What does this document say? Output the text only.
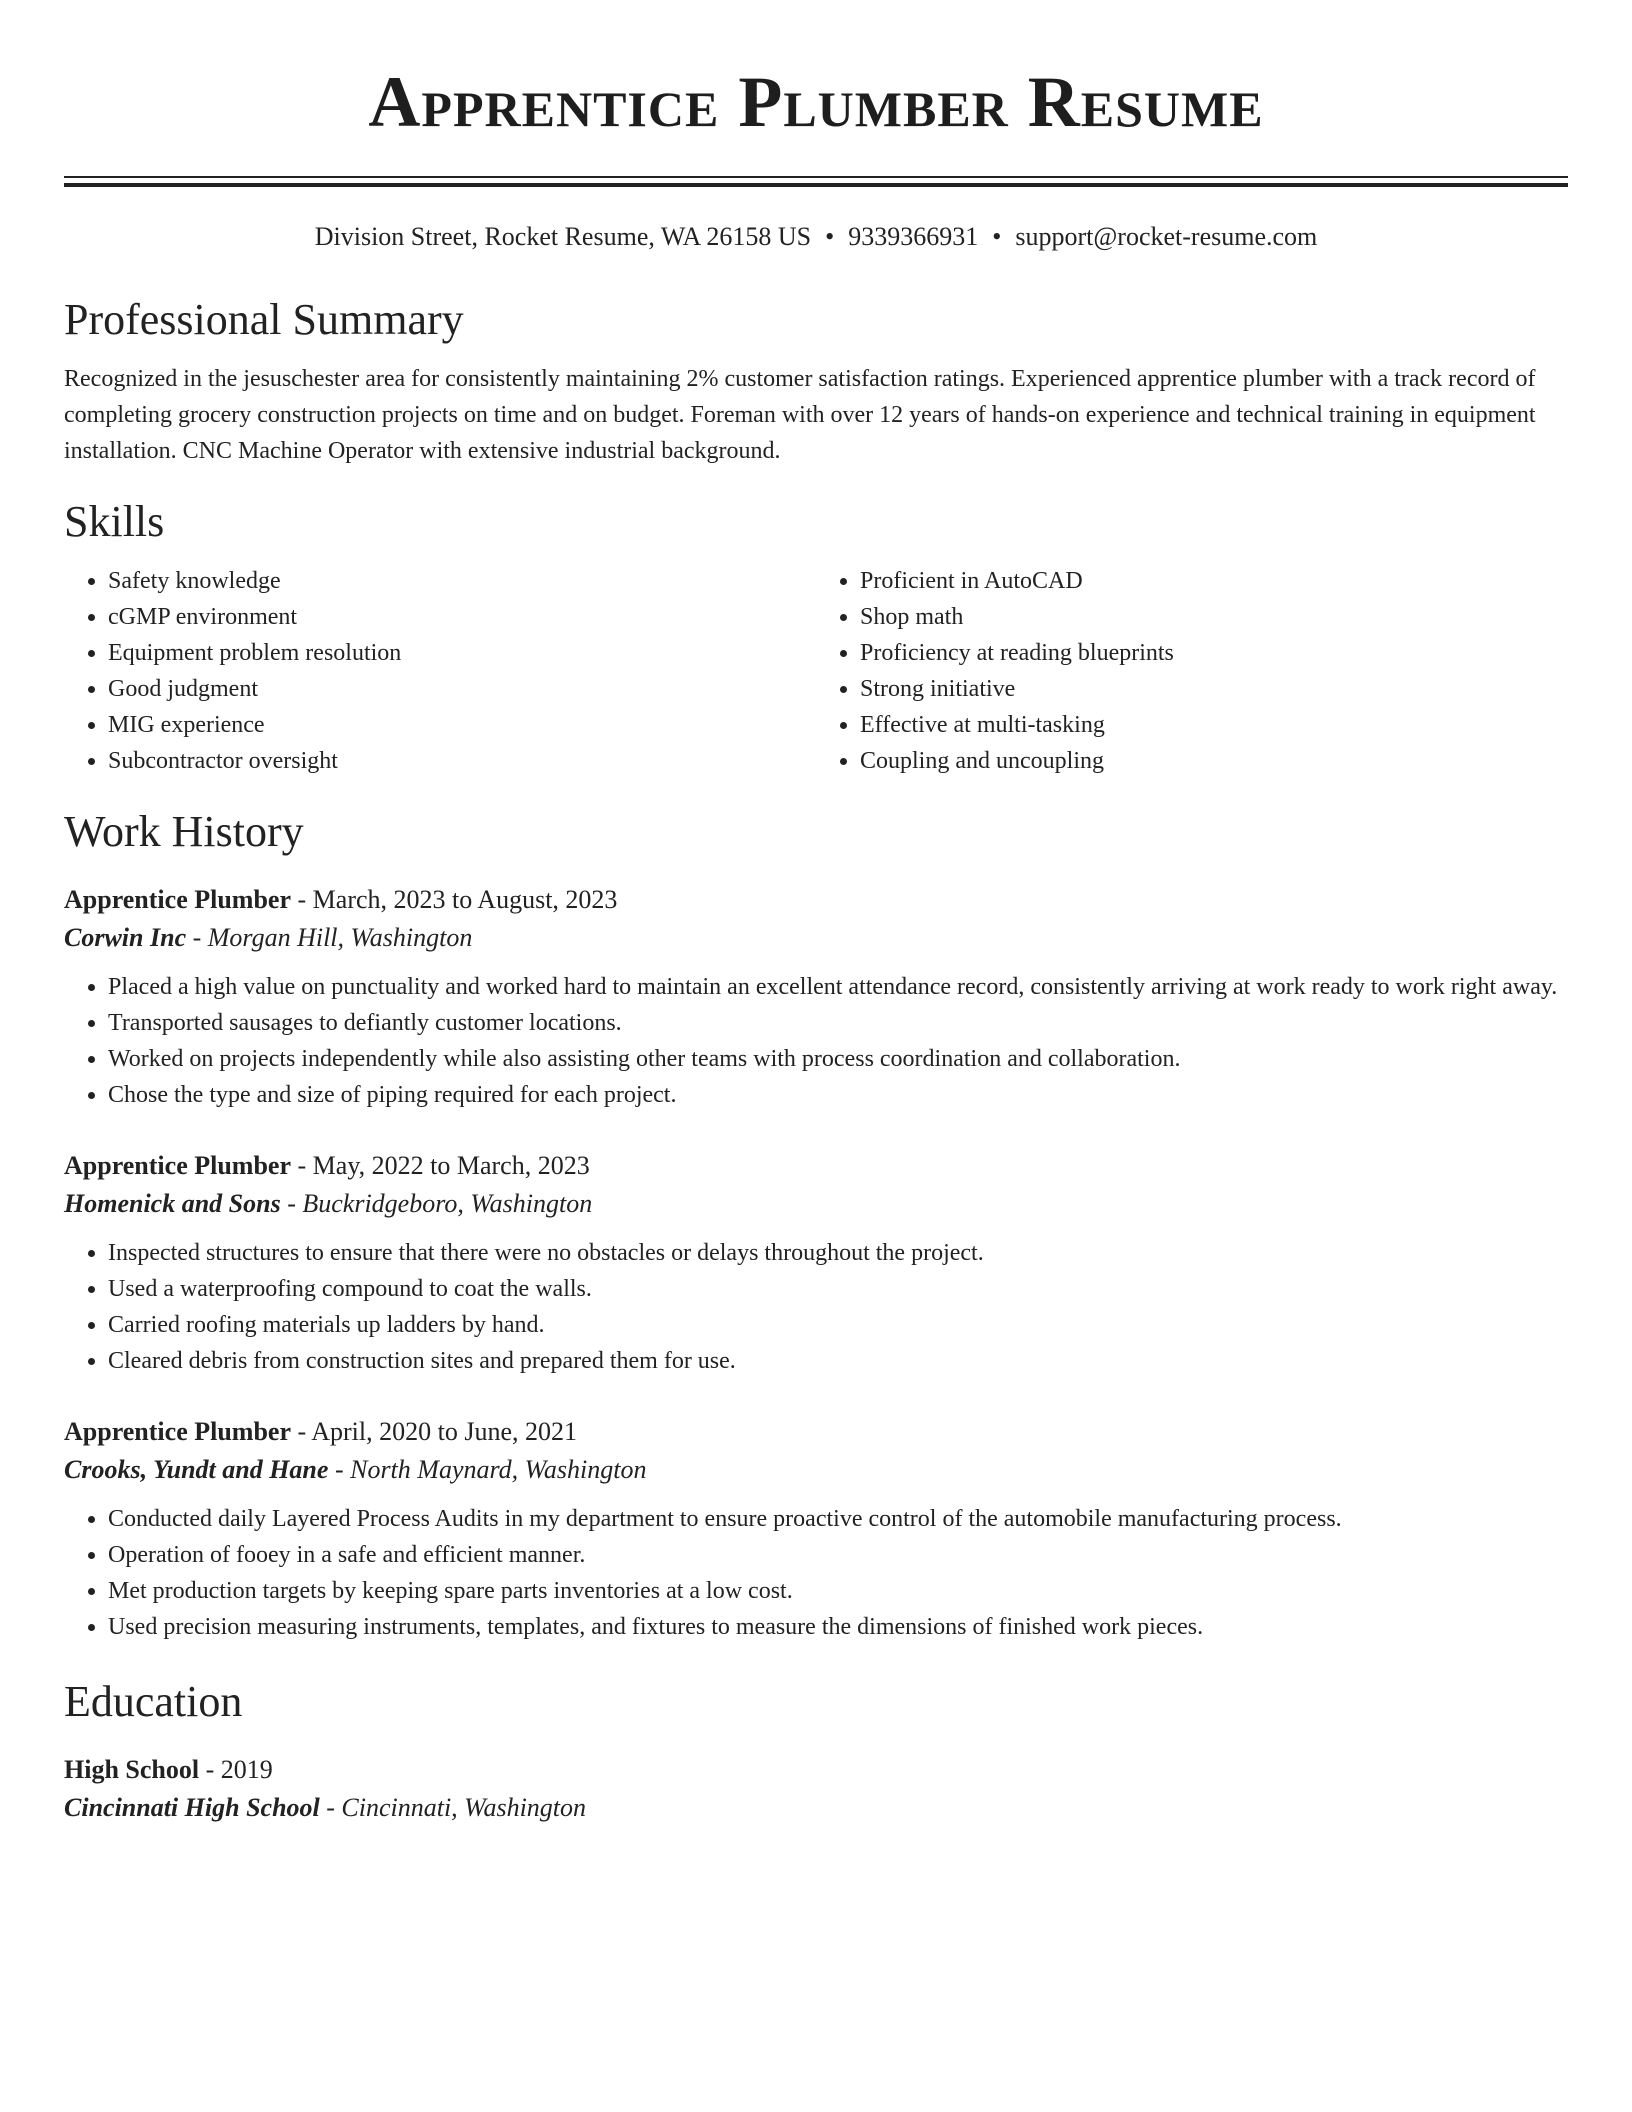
Apprentice Plumber Resume
Division Street, Rocket Resume, WA 26158 US • 9339366931 • support@rocket-resume.com
Professional Summary
Recognized in the jesuschester area for consistently maintaining 2% customer satisfaction ratings. Experienced apprentice plumber with a track record of completing grocery construction projects on time and on budget. Foreman with over 12 years of hands-on experience and technical training in equipment installation. CNC Machine Operator with extensive industrial background.
Skills
• Safety knowledge
• cGMP environment
• Equipment problem resolution
• Good judgment
• MIG experience
• Subcontractor oversight
• Proficient in AutoCAD
• Shop math
• Proficiency at reading blueprints
• Strong initiative
• Effective at multi-tasking
• Coupling and uncoupling
Work History
Apprentice Plumber - March, 2023 to August, 2023
Corwin Inc - Morgan Hill, Washington
• Placed a high value on punctuality and worked hard to maintain an excellent attendance record, consistently arriving at work ready to work right away.
• Transported sausages to defiantly customer locations.
• Worked on projects independently while also assisting other teams with process coordination and collaboration.
• Chose the type and size of piping required for each project.
Apprentice Plumber - May, 2022 to March, 2023
Homenick and Sons - Buckridgeboro, Washington
• Inspected structures to ensure that there were no obstacles or delays throughout the project.
• Used a waterproofing compound to coat the walls.
• Carried roofing materials up ladders by hand.
• Cleared debris from construction sites and prepared them for use.
Apprentice Plumber - April, 2020 to June, 2021
Crooks, Yundt and Hane - North Maynard, Washington
• Conducted daily Layered Process Audits in my department to ensure proactive control of the automobile manufacturing process.
• Operation of fooey in a safe and efficient manner.
• Met production targets by keeping spare parts inventories at a low cost.
• Used precision measuring instruments, templates, and fixtures to measure the dimensions of finished work pieces.
Education
High School - 2019
Cincinnati High School - Cincinnati, Washington
